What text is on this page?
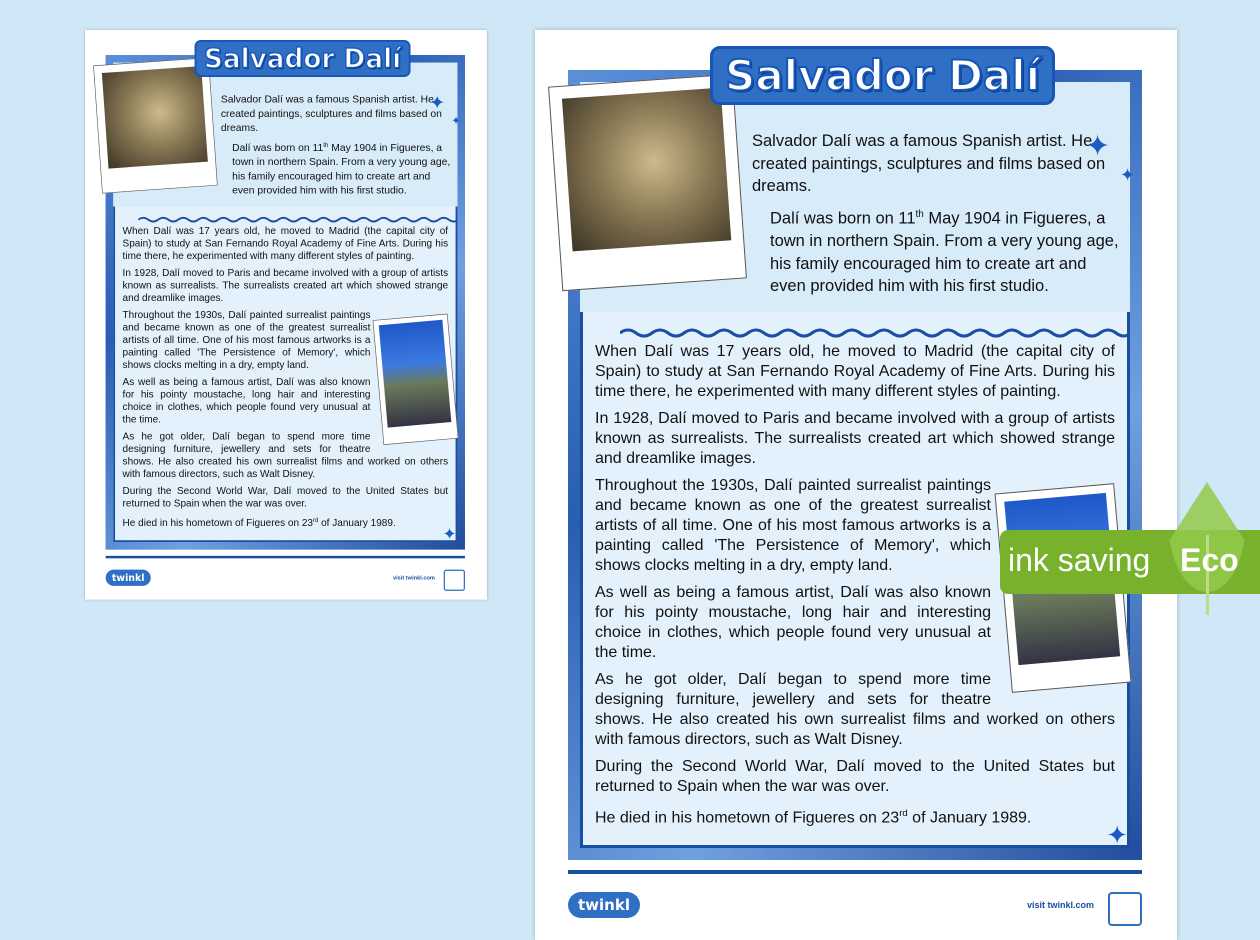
Salvador Dalí was a famous Spanish artist. He created paintings, sculptures and films based on dreams.
Dalí was born on 11th May 1904 in Figueres, a town in northern Spain. From a very young age, his family encouraged him to create art and even provided him with his first studio.
✦
✦

When Dalí was 17 years old, he moved to Madrid (the capital city of Spain) to study at San Fernando Royal Academy of Fine Arts. During his time there, he experimented with many different styles of painting.

In 1928, Dalí moved to Paris and became involved with a group of artists known as surrealists. The surrealists created art which showed strange and dreamlike images.

Throughout the 1930s, Dalí painted surrealist paintings and became known as one of the greatest surrealist artists of all time. One of his most famous artworks is a painting called 'The Persistence of Memory', which shows clocks melting in a dry, empty land.

As well as being a famous artist, Dalí was also known for his pointy moustache, long hair and interesting choice in clothes, which people found very unusual at the time.

As he got older, Dalí began to spend more time designing furniture, jewellery and sets for theatre shows. He also created his own surrealist films and worked on others with famous directors, such as Walt Disney.

During the Second World War, Dalí moved to the United States but returned to Spain when the war was over.

He died in his hometown of Figueres on 23rd of January 1989.

✦
Salvador Dalí
twinkl	visit twinkl.com
Salvador Dalí was a famous Spanish artist. He created paintings, sculptures and films based on dreams.
Dalí was born on 11th May 1904 in Figueres, a town in northern Spain. From a very young age, his family encouraged him to create art and even provided him with his first studio.
✦
✦

When Dalí was 17 years old, he moved to Madrid (the capital city of Spain) to study at San Fernando Royal Academy of Fine Arts. During his time there, he experimented with many different styles of painting.

In 1928, Dalí moved to Paris and became involved with a group of artists known as surrealists. The surrealists created art which showed strange and dreamlike images.

Throughout the 1930s, Dalí painted surrealist paintings and became known as one of the greatest surrealist artists of all time. One of his most famous artworks is a painting called 'The Persistence of Memory', which shows clocks melting in a dry, empty land.

As well as being a famous artist, Dalí was also known for his pointy moustache, long hair and interesting choice in clothes, which people found very unusual at the time.

As he got older, Dalí began to spend more time designing furniture, jewellery and sets for theatre shows. He also created his own surrealist films and worked on others with famous directors, such as Walt Disney.

During the Second World War, Dalí moved to the United States but returned to Spain when the war was over.

He died in his hometown of Figueres on 23rd of January 1989.

✦
Salvador Dalí
twinkl	visit twinkl.com
ink saving Eco
